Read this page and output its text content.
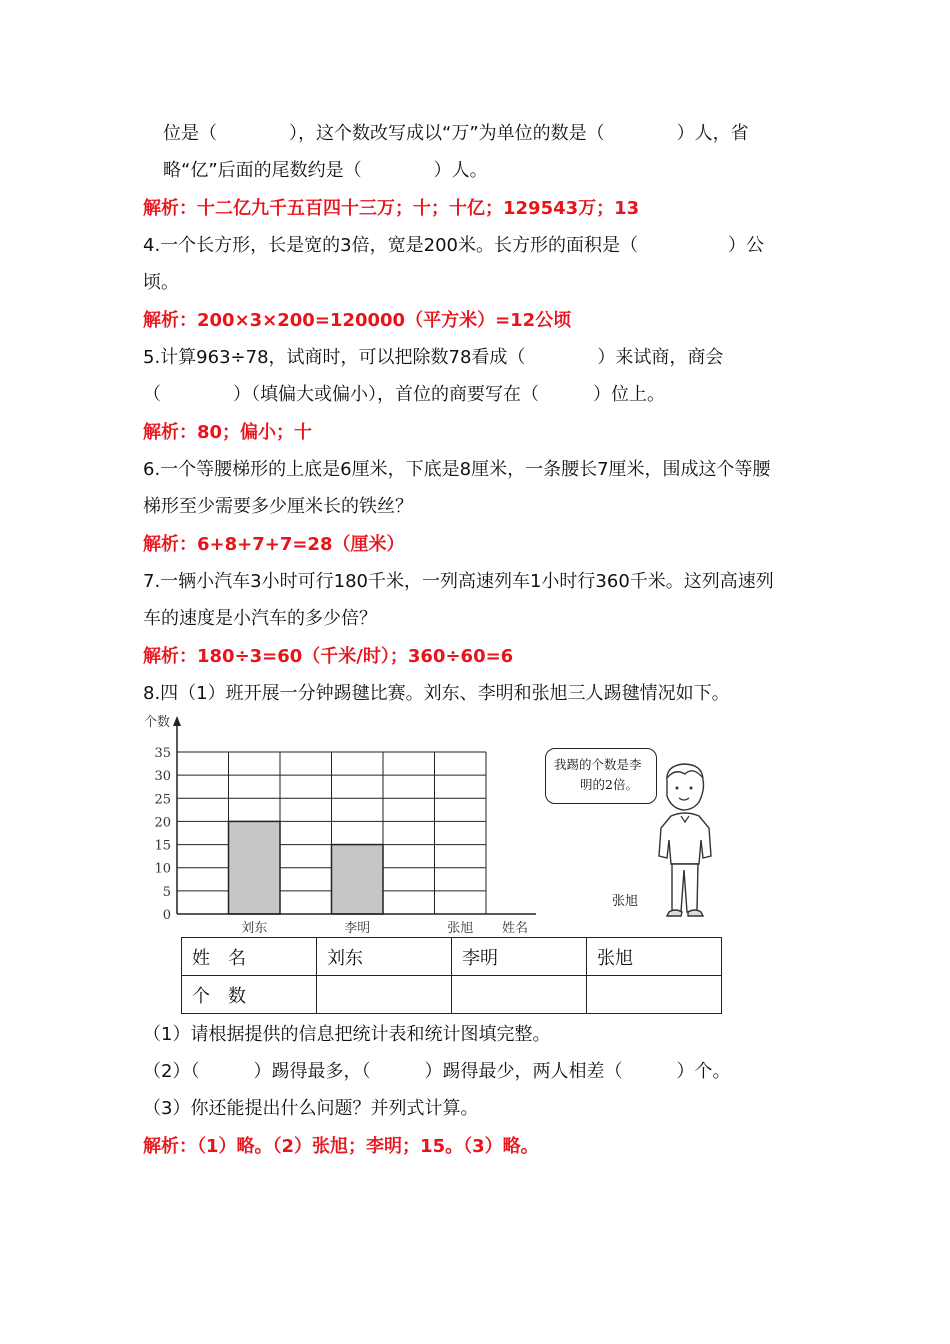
位是（　　　　），这个数改写成以“万”为单位的数是（　　　　）人，省
略“亿”后面的尾数约是（　　　　）人。
解析：十二亿九千五百四十三万；十；十亿；129543万；13
4.一个长方形，长是宽的3倍，宽是200米。长方形的面积是（　　　　　）公
顷。
解析：200×3×200=120000（平方米）=12公顷
5.计算963÷78，试商时，可以把除数78看成（　　　　）来试商，商会
（　　　　）（填偏大或偏小），首位的商要写在（　　　）位上。
解析：80；偏小；十
6.一个等腰梯形的上底是6厘米，下底是8厘米，一条腰长7厘米，围成这个等腰
梯形至少需要多少厘米长的铁丝？
解析：6+8+7+7=28（厘米）
7.一辆小汽车3小时可行180千米，一列高速列车1小时行360千米。这列高速列
车的速度是小汽车的多少倍？
解析：180÷3=60（千米/时）；360÷60=6
8.四（1）班开展一分钟踢毽比赛。刘东、李明和张旭三人踢毽情况如下。
刘东	李明	张旭
0
5
10
15
20
25
30
35
个数
姓名
我踢的个数是李
明的2倍。
张旭
姓　名	刘东	李明	张旭
个　数			
（1）请根据提供的信息把统计表和统计图填完整。
（2）（　　　）踢得最多，（　　　）踢得最少，两人相差（　　　）个。
（3）你还能提出什么问题？并列式计算。
解析：（1）略。（2）张旭；李明；15。（3）略。
